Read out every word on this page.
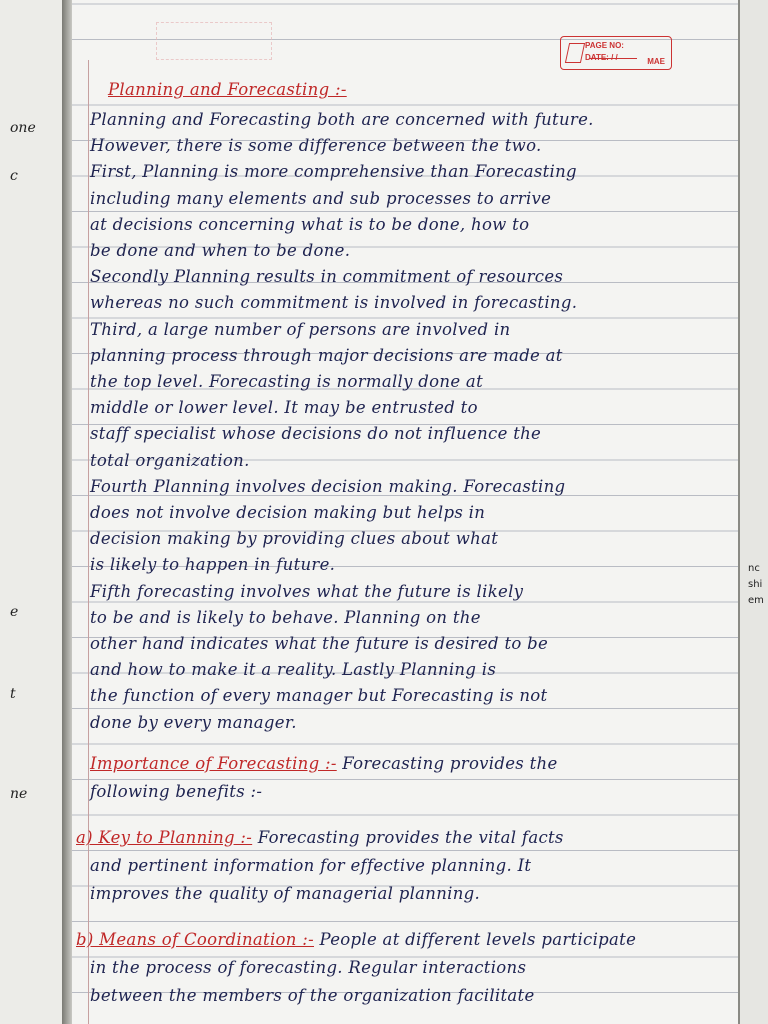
one
c
e
t
ne
PAGE NO:
DATE: / /	MAE
Planning and Forecasting :-
Planning and Forecasting both are concerned with future.
However, there is some difference between the two.
First, Planning is more comprehensive than Forecasting
including many elements and sub processes to arrive
at decisions concerning what is to be done, how to
be done and when to be done.
Secondly Planning results in commitment of resources
whereas no such commitment is involved in forecasting.
Third, a large number of persons are involved in
planning process through major decisions are made at
the top level. Forecasting is normally done at
middle or lower level. It may be entrusted to
staff specialist whose decisions do not influence the
total organization.
Fourth Planning involves decision making. Forecasting
does not involve decision making but helps in
decision making by providing clues about what
is likely to happen in future.
Fifth forecasting involves what the future is likely
to be and is likely to behave. Planning on the
other hand indicates what the future is desired to be
and how to make it a reality. Lastly Planning is
the function of every manager but Forecasting is not
done by every manager.
Importance of Forecasting :- Forecasting provides the
following benefits :-
a) Key to Planning :- Forecasting provides the vital facts
and pertinent information for effective planning. It
improves the quality of managerial planning.
b) Means of Coordination :- People at different levels participate
in the process of forecasting. Regular interactions
between the members of the organization facilitate
nc
shi
em
